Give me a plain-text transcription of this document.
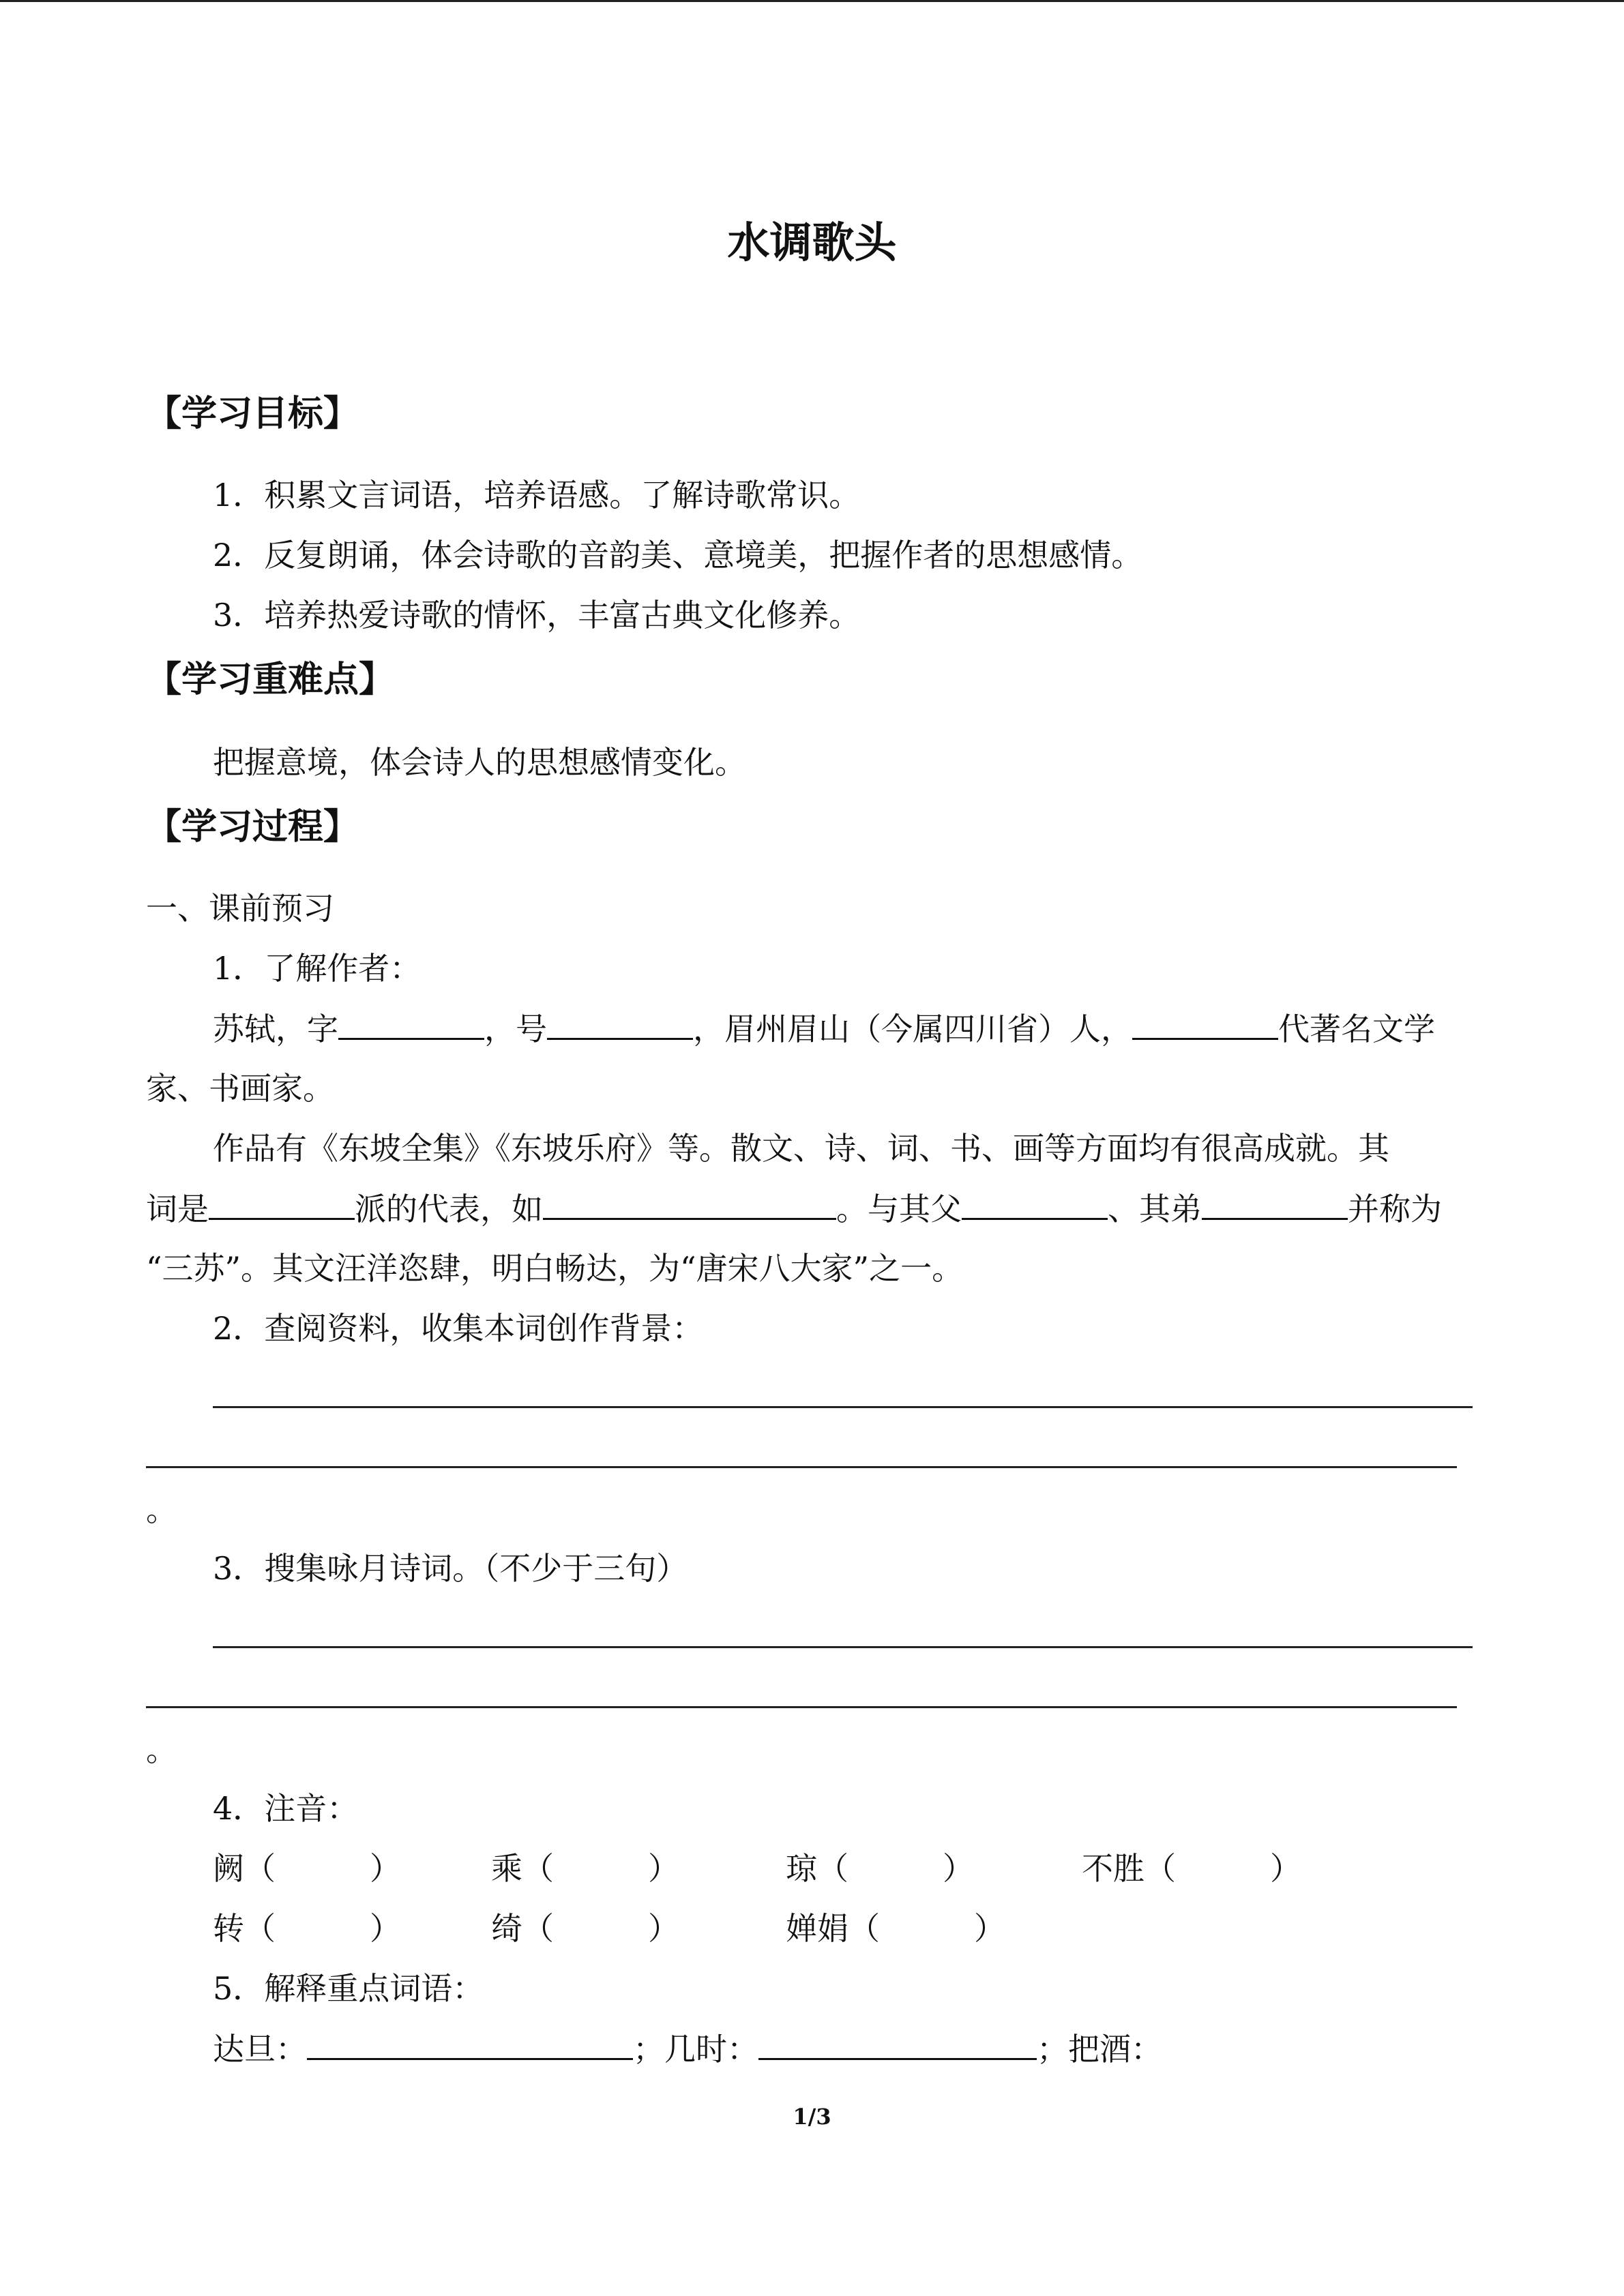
水调歌头
【学习目标】
1．积累文言词语，培养语感。了解诗歌常识。
2．反复朗诵，体会诗歌的音韵美、意境美，把握作者的思想感情。
3．培养热爱诗歌的情怀，丰富古典文化修养。
【学习重难点】
把握意境，体会诗人的思想感情变化。
【学习过程】
一、课前预习
1．了解作者：
苏轼，字	，号	，眉州眉山（今属四川省）人，	代著名文学
家、书画家。
作品有《东坡全集》《东坡乐府》等。散文、诗、词、书、画等方面均有很高成就。其
词是	派的代表，如	。与其父	、其弟	并称为
“三苏”。其文汪洋恣肆，明白畅达，为“唐宋八大家”之一。
2．查阅资料，收集本词创作背景：
。
3．搜集咏月诗词。（不少于三句）
。
4．注音：
阙（　　　）	乘（　　　）	琼（　　　）	不胜（　　　）
转（　　　）	绮（　　　）	婵娟（　　　）
5．解释重点词语：
达旦：	；几时：	；把酒：
1/3
